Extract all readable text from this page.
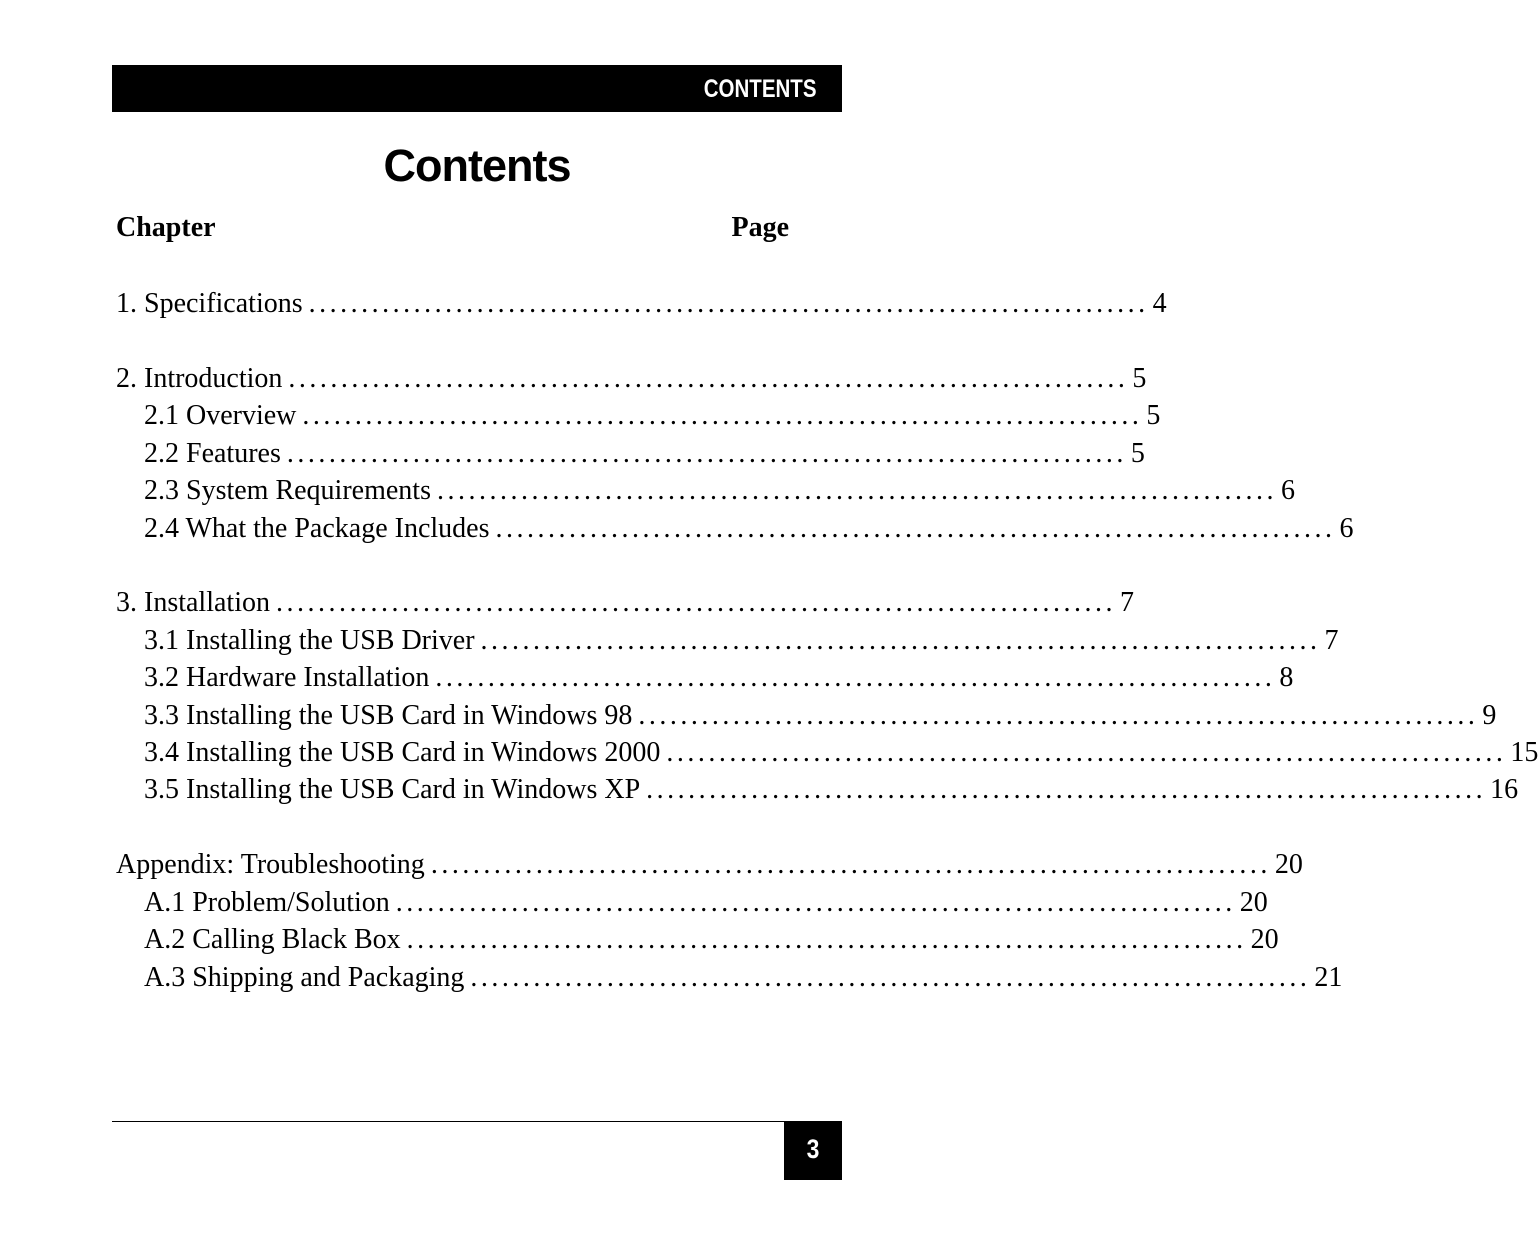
CONTENTS
Contents
Chapter	Page
1. Specifications ................................................................................ 4
2. Introduction ................................................................................ 5
2.1 Overview ................................................................................ 5
2.2 Features ................................................................................ 5
2.3 System Requirements ................................................................................ 6
2.4 What the Package Includes ................................................................................ 6
3. Installation ................................................................................ 7
3.1 Installing the USB Driver ................................................................................ 7
3.2 Hardware Installation ................................................................................ 8
3.3 Installing the USB Card in Windows 98 ................................................................................ 9
3.4 Installing the USB Card in Windows 2000 ................................................................................ 15
3.5 Installing the USB Card in Windows XP ................................................................................ 16
Appendix: Troubleshooting ................................................................................ 20
A.1 Problem/Solution ................................................................................ 20
A.2 Calling Black Box ................................................................................ 20
A.3 Shipping and Packaging ................................................................................ 21
3
